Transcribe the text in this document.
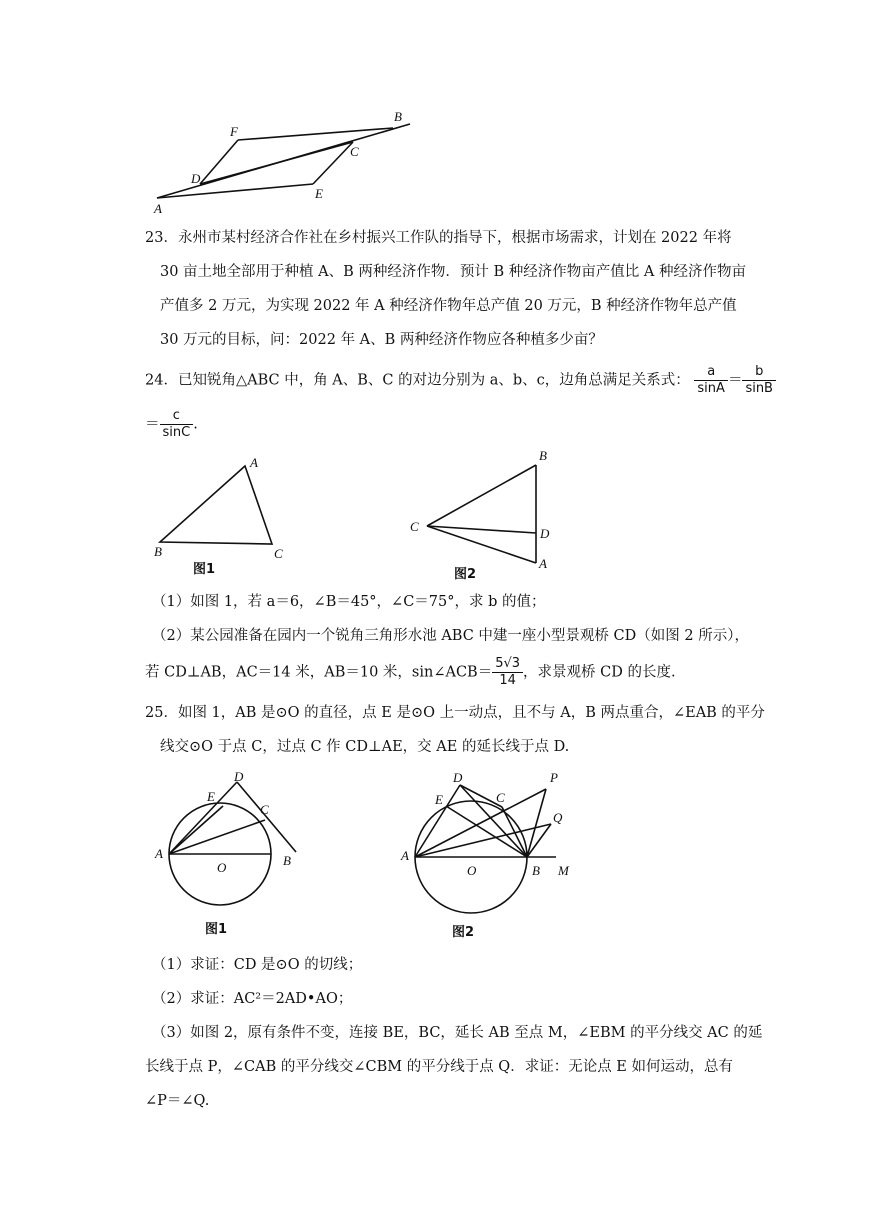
F
B
C
D
E
A
23．永州市某村经济合作社在乡村振兴工作队的指导下，根据市场需求，计划在 2022 年将
30 亩土地全部用于种植 A、B 两种经济作物．预计 B 种经济作物亩产值比 A 种经济作物亩
产值多 2 万元，为实现 2022 年 A 种经济作物年总产值 20 万元，B 种经济作物年总产值
30 万元的目标，问：2022 年 A、B 两种经济作物应各种植多少亩？
24．已知锐角△ABC 中，角 A、B、C 的对边分别为 a、b、c，边角总满足关系式： $\frac{a}{\sin A} = \frac{b}{\sin B}$
＝ $\frac{c}{\sin C}$ .
A
B	C
图1
B
C	D
A
图2
（1）如图 1，若 a＝6，∠B＝45°，∠C＝75°，求 b 的值；
（2）某公园准备在园内一个锐角三角形水池 ABC 中建一座小型景观桥 CD（如图 2 所示），
若 CD⊥AB，AC＝14 米，AB＝10 米，sin∠ACB＝ $\frac{5√3}{14}$ ，求景观桥 CD 的长度.
25．如图 1，AB 是⊙O 的直径，点 E 是⊙O 上一动点，且不与 A，B 两点重合，∠EAB 的平分
线交⊙O 于点 C，过点 C 作 CD⊥AE，交 AE 的延长线于点 D.
D
E
C
A
O	B
图1
D	P
E	C
Q
A
O	B M
图2
（1）求证：CD 是⊙O 的切线；
（2）求证：AC²＝2AD•AO；
（3）如图 2，原有条件不变，连接 BE，BC，延长 AB 至点 M，∠EBM 的平分线交 AC 的延
长线于点 P，∠CAB 的平分线交∠CBM 的平分线于点 Q．求证：无论点 E 如何运动，总有
∠P＝∠Q.
